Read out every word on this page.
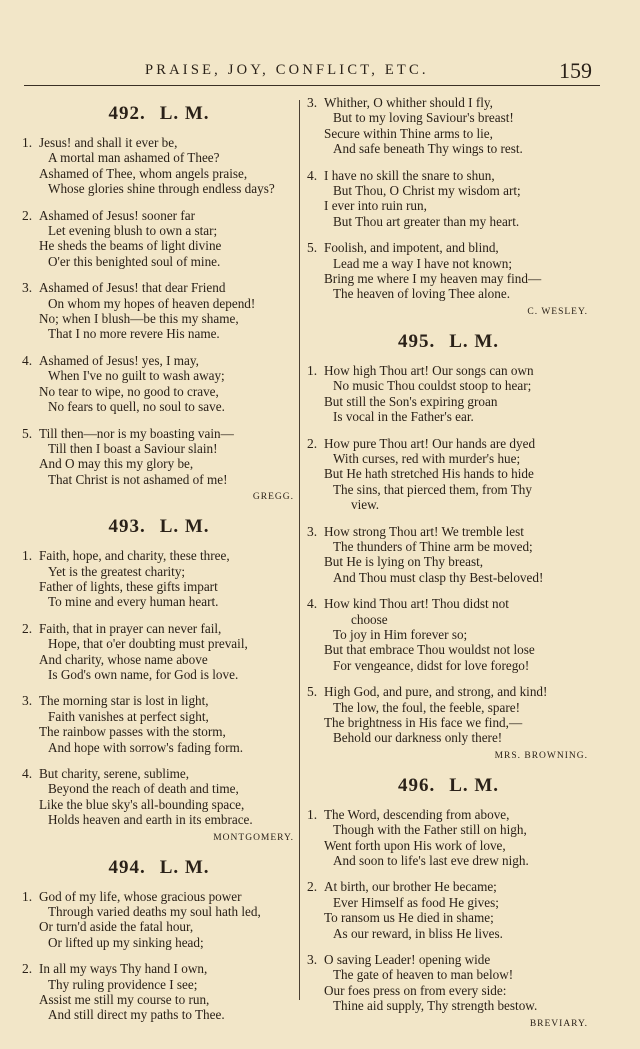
PRAISE, JOY, CONFLICT, ETC.	159
492. L. M.
1. Jesus! and shall it ever be,
A mortal man ashamed of Thee?
Ashamed of Thee, whom angels praise,
Whose glories shine through endless days?
2. Ashamed of Jesus! sooner far
Let evening blush to own a star;
He sheds the beams of light divine
O'er this benighted soul of mine.
3. Ashamed of Jesus! that dear Friend
On whom my hopes of heaven depend!
No; when I blush—be this my shame,
That I no more revere His name.
4. Ashamed of Jesus! yes, I may,
When I've no guilt to wash away;
No tear to wipe, no good to crave,
No fears to quell, no soul to save.
5. Till then—nor is my boasting vain—
Till then I boast a Saviour slain!
And O may this my glory be,
That Christ is not ashamed of me!
GREGG.
493. L. M.
1. Faith, hope, and charity, these three,
Yet is the greatest charity;
Father of lights, these gifts impart
To mine and every human heart.
2. Faith, that in prayer can never fail,
Hope, that o'er doubting must prevail,
And charity, whose name above
Is God's own name, for God is love.
3. The morning star is lost in light,
Faith vanishes at perfect sight,
The rainbow passes with the storm,
And hope with sorrow's fading form.
4. But charity, serene, sublime,
Beyond the reach of death and time,
Like the blue sky's all-bounding space,
Holds heaven and earth in its embrace.
MONTGOMERY.
494. L. M.
1. God of my life, whose gracious power
Through varied deaths my soul hath led,
Or turn'd aside the fatal hour,
Or lifted up my sinking head;
2. In all my ways Thy hand I own,
Thy ruling providence I see;
Assist me still my course to run,
And still direct my paths to Thee.
3. Whither, O whither should I fly,
But to my loving Saviour's breast!
Secure within Thine arms to lie,
And safe beneath Thy wings to rest.
4. I have no skill the snare to shun,
But Thou, O Christ my wisdom art;
I ever into ruin run,
But Thou art greater than my heart.
5. Foolish, and impotent, and blind,
Lead me a way I have not known;
Bring me where I my heaven may find—
The heaven of loving Thee alone.
C. WESLEY.
495. L. M.
1. How high Thou art! Our songs can own
No music Thou couldst stoop to hear;
But still the Son's expiring groan
Is vocal in the Father's ear.
2. How pure Thou art! Our hands are dyed
With curses, red with murder's hue;
But He hath stretched His hands to hide
The sins, that pierced them, from Thy
view.
3. How strong Thou art! We tremble lest
The thunders of Thine arm be moved;
But He is lying on Thy breast,
And Thou must clasp thy Best-beloved!
4. How kind Thou art! Thou didst not
choose
To joy in Him forever so;
But that embrace Thou wouldst not lose
For vengeance, didst for love forego!
5. High God, and pure, and strong, and kind!
The low, the foul, the feeble, spare!
The brightness in His face we find,—
Behold our darkness only there!
MRS. BROWNING.
496. L. M.
1. The Word, descending from above,
Though with the Father still on high,
Went forth upon His work of love,
And soon to life's last eve drew nigh.
2. At birth, our brother He became;
Ever Himself as food He gives;
To ransom us He died in shame;
As our reward, in bliss He lives.
3. O saving Leader! opening wide
The gate of heaven to man below!
Our foes press on from every side:
Thine aid supply, Thy strength bestow.
BREVIARY.
